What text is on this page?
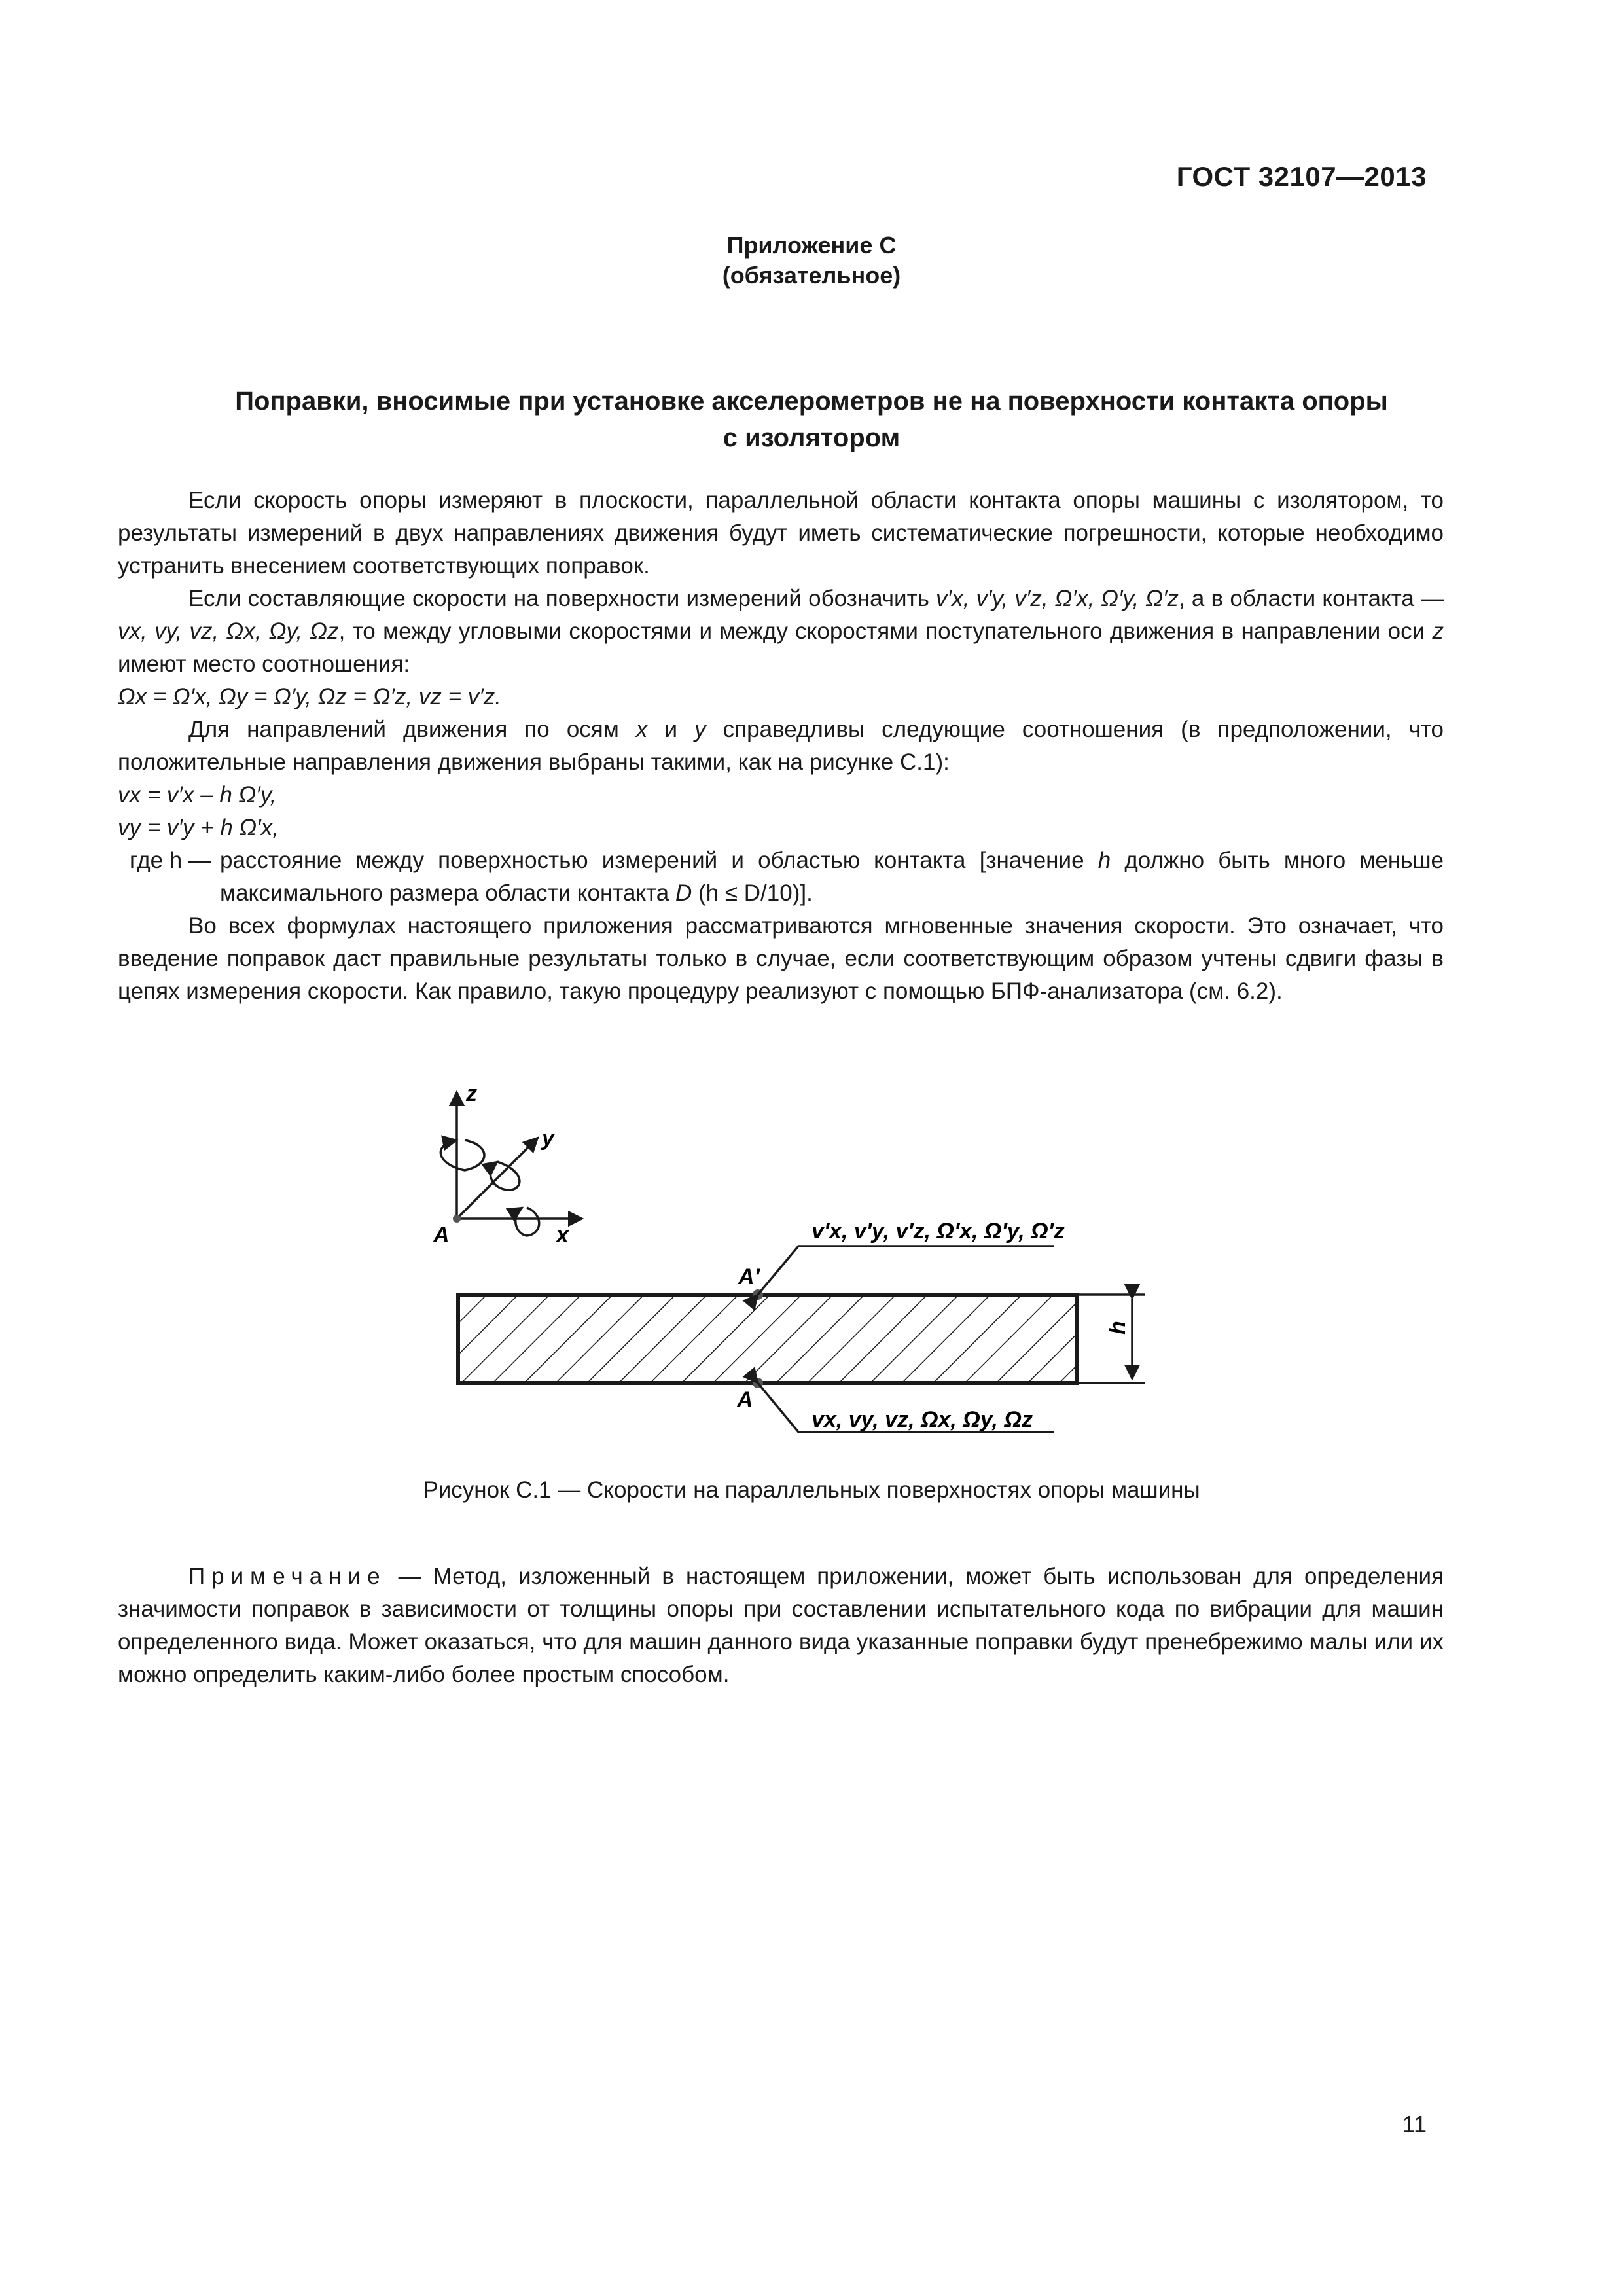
ГОСТ 32107—2013
Приложение С
(обязательное)
Поправки, вносимые при установке акселерометров не на поверхности контакта опоры
с изолятором

Если скорость опоры измеряют в плоскости, параллельной области контакта опоры машины с изолятором, то результаты измерений в двух направлениях движения будут иметь систематические погрешности, которые необходимо устранить внесением соответствующих поправок.

Если составляющие скорости на поверхности измерений обозначить v′x, v′y, v′z, Ω′x, Ω′y, Ω′z, а в области контакта — vx, vy, vz, Ωx, Ωy, Ωz, то между угловыми скоростями и между скоростями поступательного движения в направлении оси z имеют место соотношения:

Ωx = Ω′x, Ωy = Ω′y, Ωz = Ω′z, vz = v′z.

Для направлений движения по осям x и y справедливы следующие соотношения (в предположении, что положительные направления движения выбраны такими, как на рисунке С.1):

vx = v′x – h Ω′y,

vy = v′y + h Ω′x,

где h — расстояние между поверхностью измерений и областью контакта [значение h должно быть много меньше максимального размера области контакта D (h ≤ D/10)].

Во всех формулах настоящего приложения рассматриваются мгновенные значения скорости. Это означает, что введение поправок даст правильные результаты только в случае, если соответствующим образом учтены сдвиги фазы в цепях измерения скорости. Как правило, такую процедуру реализуют с помощью БПФ-анализатора (см. 6.2).

z
y
x
A
A′
A
v′x, v′y, v′z, Ω′x, Ω′y, Ω′z
vx, vy, vz, Ωx, Ωy, Ωz
h
Рисунок С.1 — Скорости на параллельных поверхностях опоры машины

Примечание — Метод, изложенный в настоящем приложении, может быть использован для определения значимости поправок в зависимости от толщины опоры при составлении испытательного кода по вибрации для машин определенного вида. Может оказаться, что для машин данного вида указанные поправки будут пренебрежимо малы или их можно определить каким-либо более простым способом.

11
